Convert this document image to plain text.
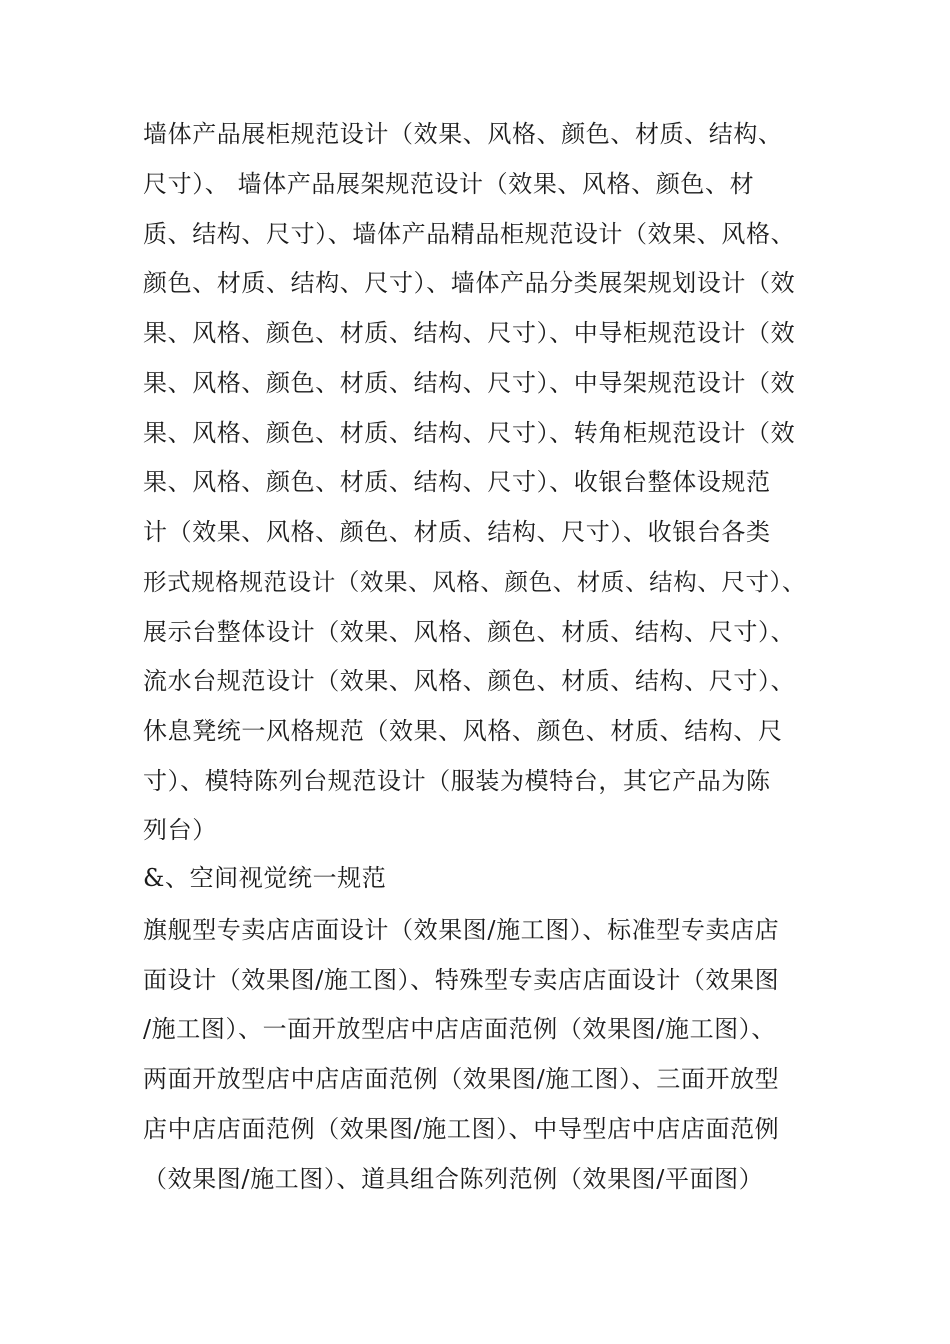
墙体产品展柜规范设计（效果、风格、颜色、材质、结构、
尺寸）、 墙体产品展架规范设计（效果、风格、颜色、材
质、结构、尺寸）、墙体产品精品柜规范设计（效果、风格、
颜色、材质、结构、尺寸）、墙体产品分类展架规划设计（效
果、风格、颜色、材质、结构、尺寸）、中导柜规范设计（效
果、风格、颜色、材质、结构、尺寸）、中导架规范设计（效
果、风格、颜色、材质、结构、尺寸）、转角柜规范设计（效
果、风格、颜色、材质、结构、尺寸）、收银台整体设规范
计（效果、风格、颜色、材质、结构、尺寸）、收银台各类
形式规格规范设计（效果、风格、颜色、材质、结构、尺寸）、
展示台整体设计（效果、风格、颜色、材质、结构、尺寸）、
流水台规范设计（效果、风格、颜色、材质、结构、尺寸）、
休息凳统一风格规范（效果、风格、颜色、材质、结构、尺
寸）、模特陈列台规范设计（服装为模特台，其它产品为陈
列台）
&、空间视觉统一规范
旗舰型专卖店店面设计（效果图/施工图）、标准型专卖店店
面设计（效果图/施工图）、特殊型专卖店店面设计（效果图
/施工图）、一面开放型店中店店面范例（效果图/施工图）、
两面开放型店中店店面范例（效果图/施工图）、三面开放型
店中店店面范例（效果图/施工图）、中导型店中店店面范例
（效果图/施工图）、道具组合陈列范例（效果图/平面图）
